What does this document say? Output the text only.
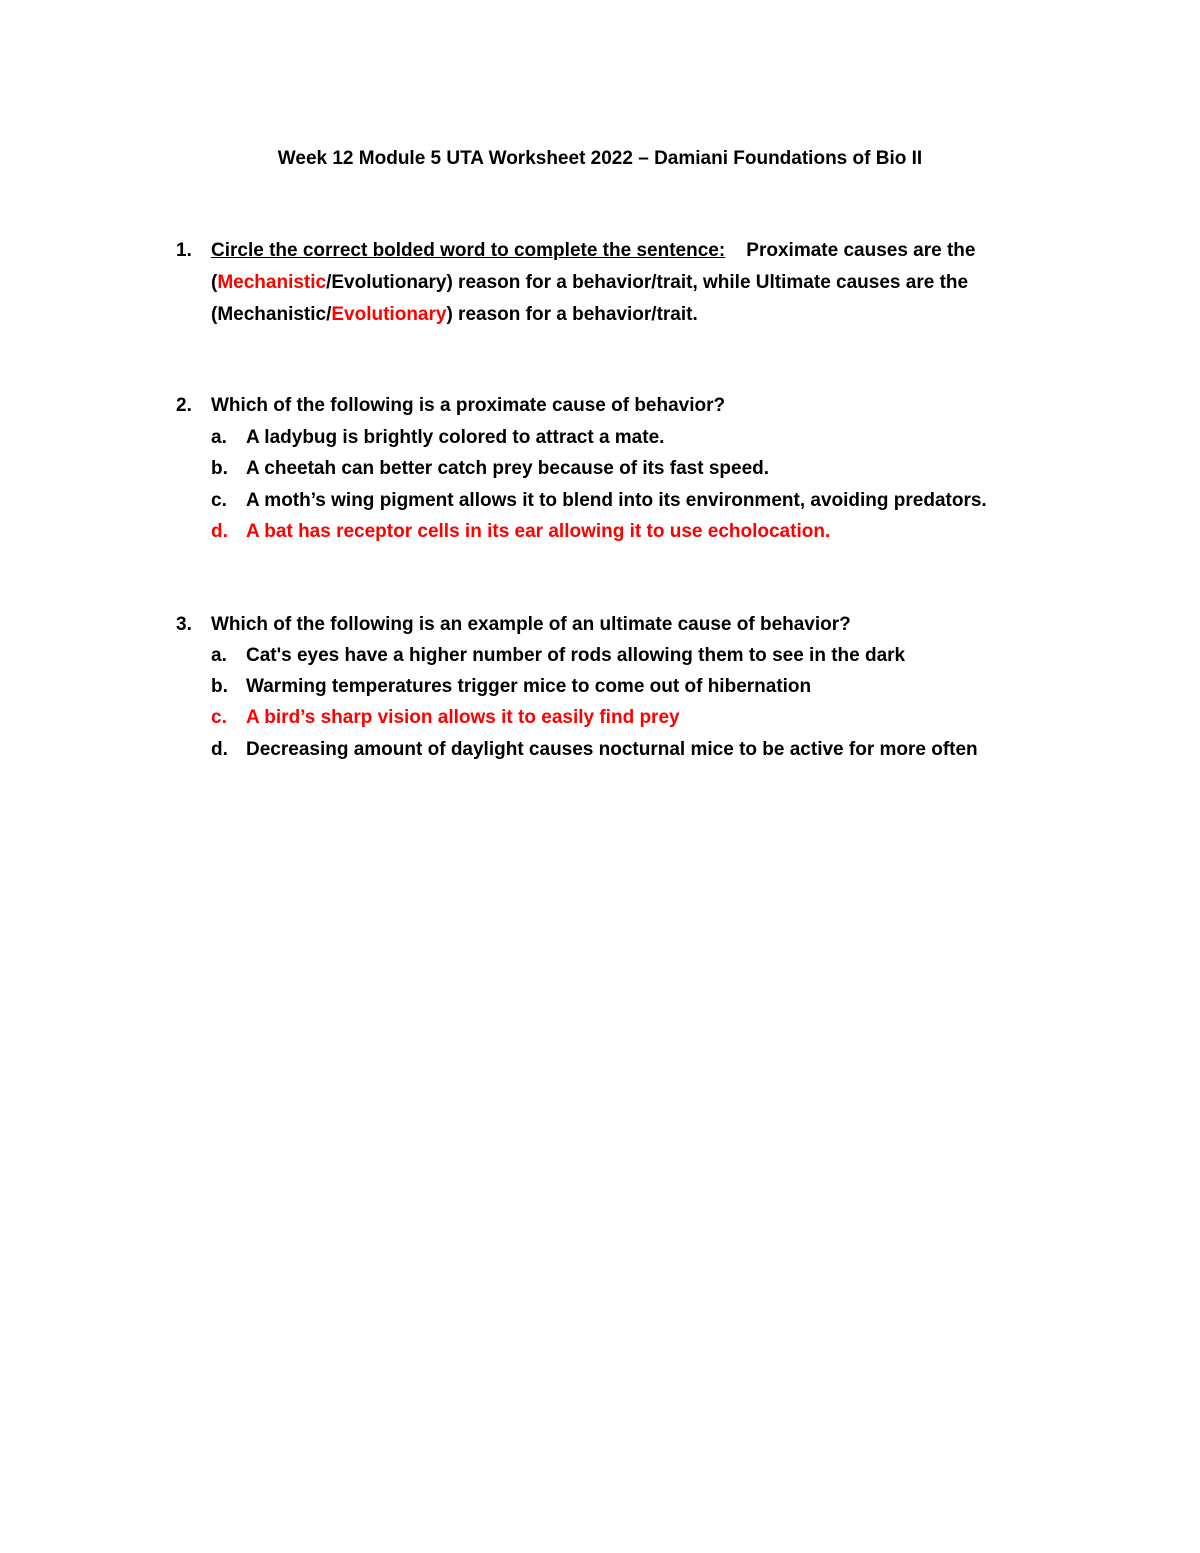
Week 12 Module 5 UTA Worksheet 2022 – Damiani Foundations of Bio II
1. Circle the correct bolded word to complete the sentence: Proximate causes are the
(Mechanistic/Evolutionary) reason for a behavior/trait, while Ultimate causes are the
(Mechanistic/Evolutionary) reason for a behavior/trait.
2. Which of the following is a proximate cause of behavior?
a. A ladybug is brightly colored to attract a mate.
b. A cheetah can better catch prey because of its fast speed.
c. A moth’s wing pigment allows it to blend into its environment, avoiding predators.
d. A bat has receptor cells in its ear allowing it to use echolocation.
3. Which of the following is an example of an ultimate cause of behavior?
a. Cat's eyes have a higher number of rods allowing them to see in the dark
b. Warming temperatures trigger mice to come out of hibernation
c. A bird’s sharp vision allows it to easily find prey
d. Decreasing amount of daylight causes nocturnal mice to be active for more often
